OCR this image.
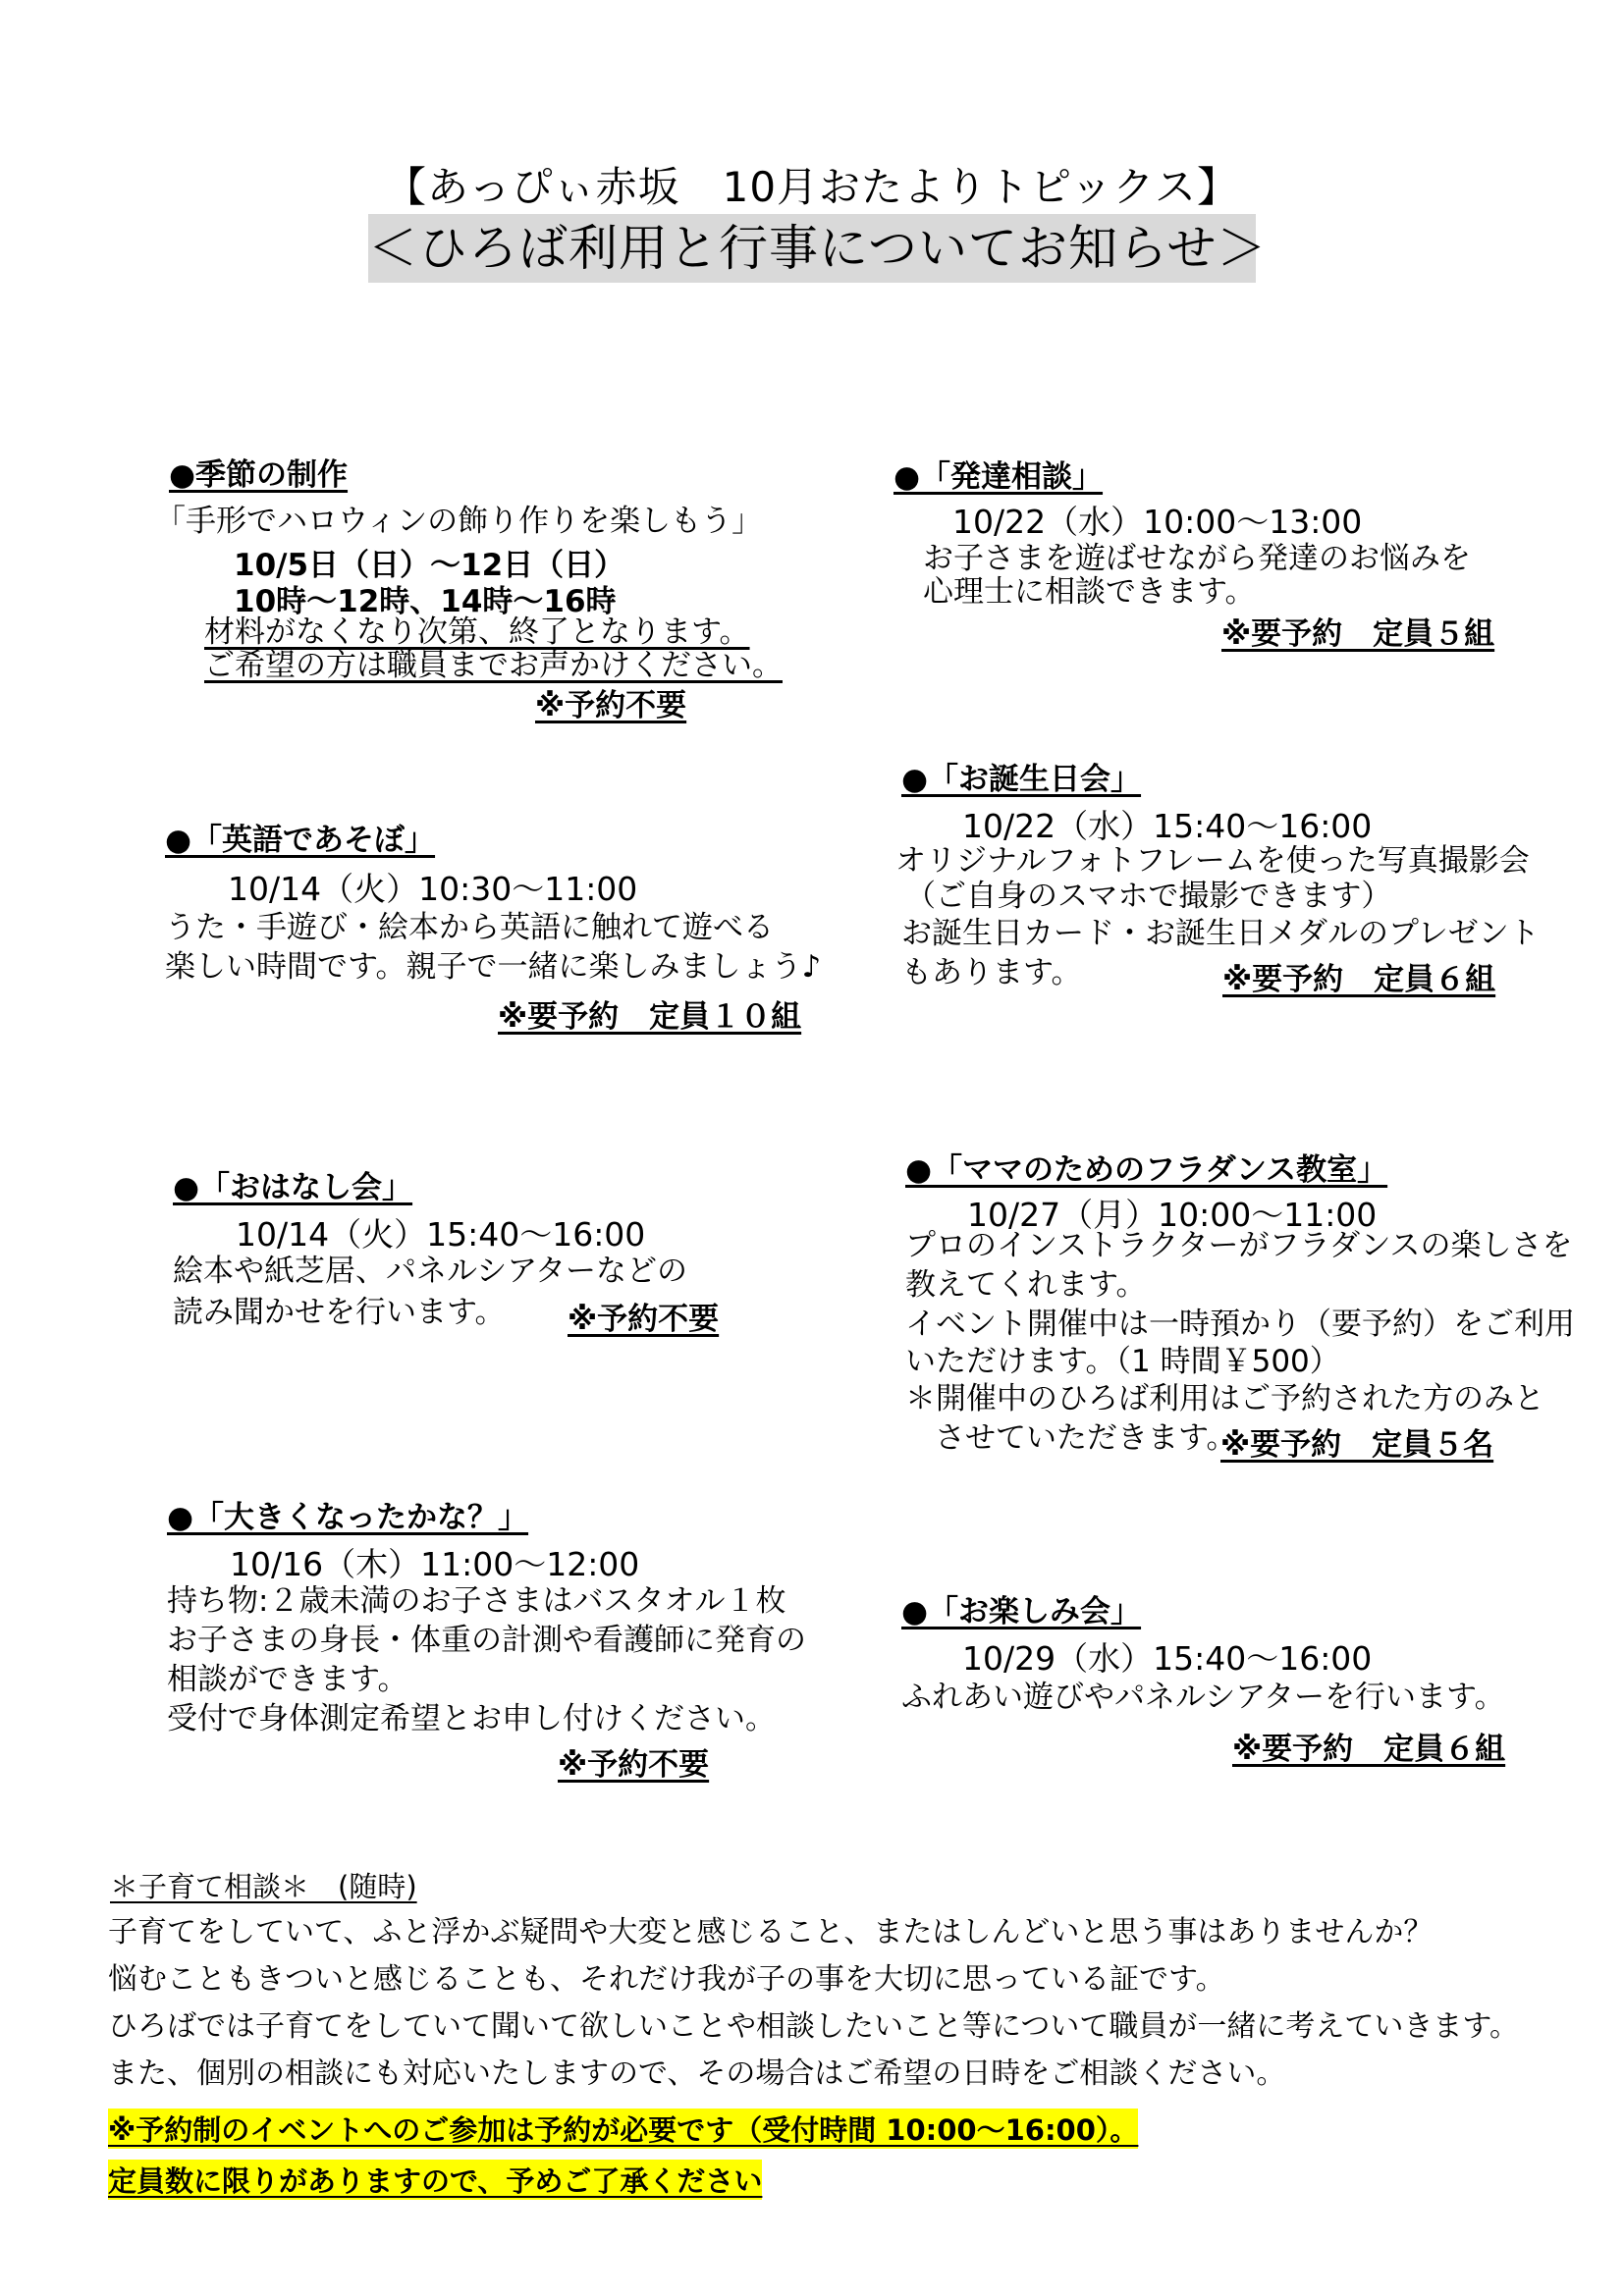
【あっぴぃ赤坂　10月おたよりトピックス】
＜ひろば利用と行事についてお知らせ＞
●季節の制作
「手形でハロウィンの飾り作りを楽しもう」
10/5日（日）～12日（日）
10時～12時、14時～16時
材料がなくなり次第、終了となります。
ご希望の方は職員までお声かけください。
※予約不要
●「英語であそぼ」
10/14（火）10:30～11:00
うた・手遊び・絵本から英語に触れて遊べる
楽しい時間です。親子で一緒に楽しみましょう♪
※要予約　定員１０組
●「おはなし会」
10/14（火）15:40～16:00
絵本や紙芝居、パネルシアターなどの
読み聞かせを行います。 ※予約不要
●「大きくなったかな？」
10/16（木）11:00～12:00
持ち物:２歳未満のお子さまはバスタオル１枚
お子さまの身長・体重の計測や看護師に発育の
相談ができます。
受付で身体測定希望とお申し付けください。
※予約不要
●「発達相談」
10/22（水）10:00～13:00
お子さまを遊ばせながら発達のお悩みを
心理士に相談できます。
※要予約　定員５組
●「お誕生日会」
10/22（水）15:40～16:00
オリジナルフォトフレームを使った写真撮影会
（ご自身のスマホで撮影できます）
お誕生日カード・お誕生日メダルのプレゼント
もあります。	※要予約　定員６組
●「ママのためのフラダンス教室」
10/27（月）10:00～11:00
プロのインストラクターがフラダンスの楽しさを
教えてくれます。
イベント開催中は一時預かり（要予約）をご利用
いただけます。（1 時間￥500）
＊開催中のひろば利用はご予約された方のみと
させていただきます。
※要予約　定員５名
●「お楽しみ会」
10/29（水）15:40～16:00
ふれあい遊びやパネルシアターを行います。
※要予約　定員６組
＊子育て相談＊　(随時)
子育てをしていて、ふと浮かぶ疑問や大変と感じること、またはしんどいと思う事はありませんか？
悩むこともきついと感じることも、それだけ我が子の事を大切に思っている証です。
ひろばでは子育てをしていて聞いて欲しいことや相談したいこと等について職員が一緒に考えていきます。
また、個別の相談にも対応いたしますので、その場合はご希望の日時をご相談ください。
※予約制のイベントへのご参加は予約が必要です（受付時間 10:00～16:00）。
定員数に限りがありますので、予めご了承ください
